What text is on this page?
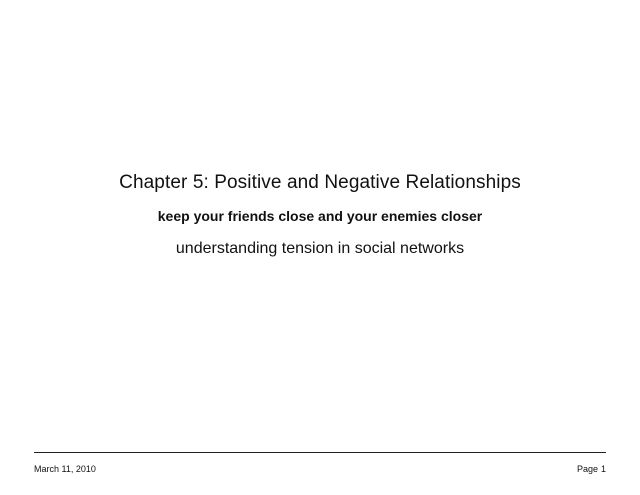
Chapter 5: Positive and Negative Relationships
keep your friends close and your enemies closer
understanding tension in social networks
March 11, 2010	Page 1
